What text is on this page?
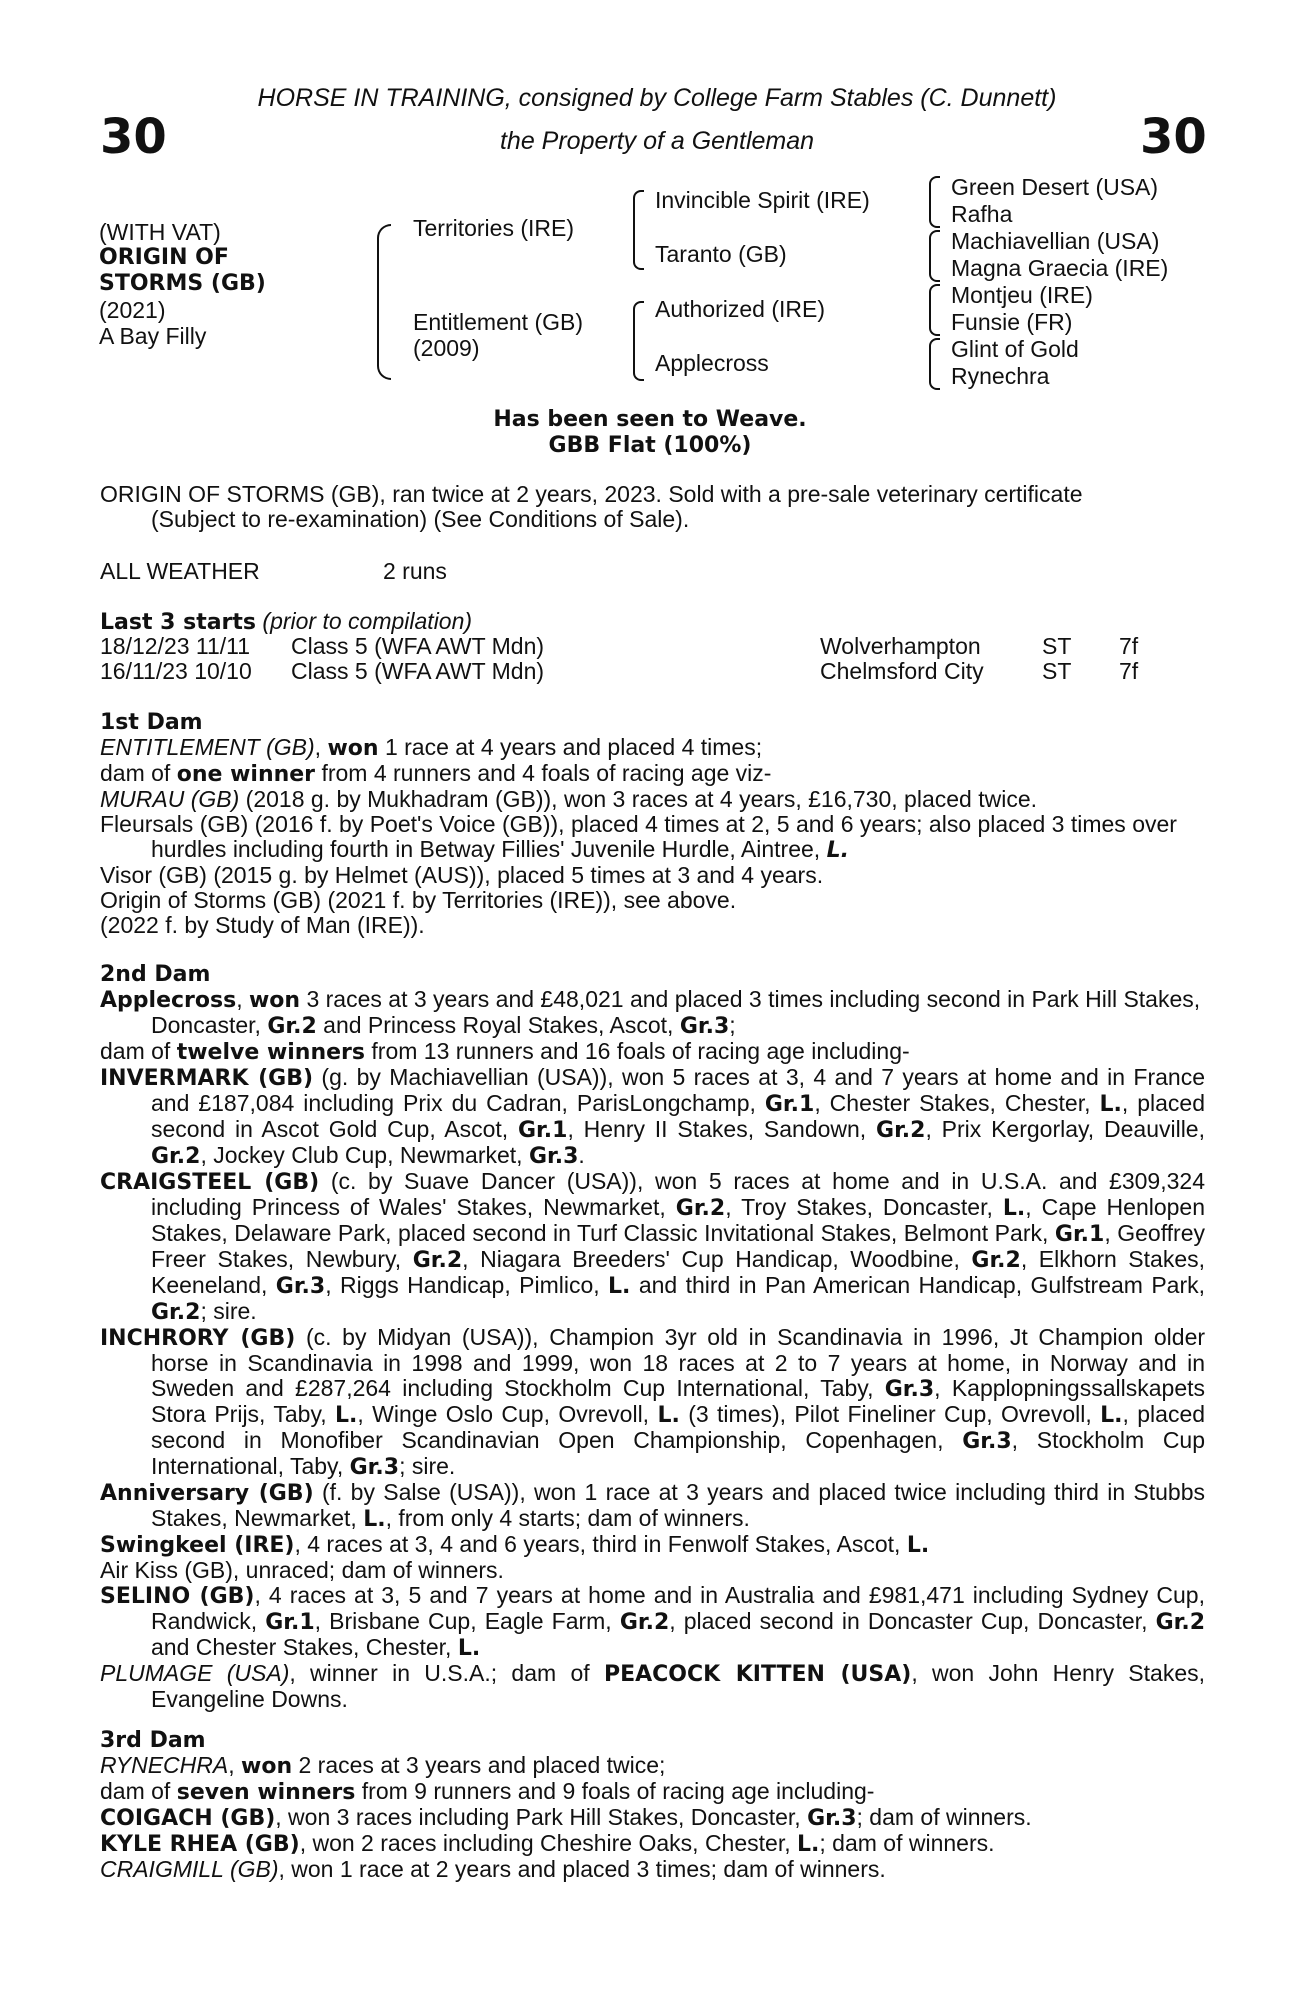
30	30
HORSE IN TRAINING, consigned by College Farm Stables (C. Dunnett)
the Property of a Gentleman
(WITH VAT)
ORIGIN OF
STORMS (GB)
(2021)
A Bay Filly
Territories (IRE)
Entitlement (GB)
(2009)
Invincible Spirit (IRE)
Taranto (GB)
Authorized (IRE)
Applecross
Green Desert (USA)
Rafha
Machiavellian (USA)
Magna Graecia (IRE)
Montjeu (IRE)
Funsie (FR)
Glint of Gold
Rynechra
Has been seen to Weave.
GBB Flat (100%)
ORIGIN OF STORMS (GB), ran twice at 2 years, 2023. Sold with a pre-sale veterinary certificate
(Subject to re-examination) (See Conditions of Sale).
ALL WEATHER	2 runs
Last 3 starts (prior to compilation)
18/12/23 11/11 Class 5 (WFA AWT Mdn)	Wolverhampton	ST 7f
16/11/23 10/10 Class 5 (WFA AWT Mdn)	Chelmsford City	ST 7f

1st Dam

ENTITLEMENT (GB), won 1 race at 4 years and placed 4 times;

dam of one winner from 4 runners and 4 foals of racing age viz-

MURAU (GB) (2018 g. by Mukhadram (GB)), won 3 races at 4 years, £16,730, placed twice.

Fleursals (GB) (2016 f. by Poet's Voice (GB)), placed 4 times at 2, 5 and 6 years; also placed 3 times over hurdles including fourth in Betway Fillies' Juvenile Hurdle, Aintree, L.

Visor (GB) (2015 g. by Helmet (AUS)), placed 5 times at 3 and 4 years.

Origin of Storms (GB) (2021 f. by Territories (IRE)), see above.

(2022 f. by Study of Man (IRE)).

2nd Dam

Applecross, won 3 races at 3 years and £48,021 and placed 3 times including second in Park Hill Stakes, Doncaster, Gr.2 and Princess Royal Stakes, Ascot, Gr.3;

dam of twelve winners from 13 runners and 16 foals of racing age including-

INVERMARK (GB) (g. by Machiavellian (USA)), won 5 races at 3, 4 and 7 years at home and in France and £187,084 including Prix du Cadran, ParisLongchamp, Gr.1, Chester Stakes, Chester, L., placed second in Ascot Gold Cup, Ascot, Gr.1, Henry II Stakes, Sandown, Gr.2, Prix Kergorlay, Deauville, Gr.2, Jockey Club Cup, Newmarket, Gr.3.

CRAIGSTEEL (GB) (c. by Suave Dancer (USA)), won 5 races at home and in U.S.A. and £309,324 including Princess of Wales' Stakes, Newmarket, Gr.2, Troy Stakes, Doncaster, L., Cape Henlopen Stakes, Delaware Park, placed second in Turf Classic Invitational Stakes, Belmont Park, Gr.1, Geoffrey Freer Stakes, Newbury, Gr.2, Niagara Breeders' Cup Handicap, Woodbine, Gr.2, Elkhorn Stakes, Keeneland, Gr.3, Riggs Handicap, Pimlico, L. and third in Pan American Handicap, Gulfstream Park, Gr.2; sire.

INCHRORY (GB) (c. by Midyan (USA)), Champion 3yr old in Scandinavia in 1996, Jt Champion older horse in Scandinavia in 1998 and 1999, won 18 races at 2 to 7 years at home, in Norway and in Sweden and £287,264 including Stockholm Cup International, Taby, Gr.3, Kapplopningssallskapets Stora Prijs, Taby, L., Winge Oslo Cup, Ovrevoll, L. (3 times), Pilot Fineliner Cup, Ovrevoll, L., placed second in Monofiber Scandinavian Open Championship, Copenhagen, Gr.3, Stockholm Cup International, Taby, Gr.3; sire.

Anniversary (GB) (f. by Salse (USA)), won 1 race at 3 years and placed twice including third in Stubbs Stakes, Newmarket, L., from only 4 starts; dam of winners.

Swingkeel (IRE), 4 races at 3, 4 and 6 years, third in Fenwolf Stakes, Ascot, L.

Air Kiss (GB), unraced; dam of winners.

SELINO (GB), 4 races at 3, 5 and 7 years at home and in Australia and £981,471 including Sydney Cup, Randwick, Gr.1, Brisbane Cup, Eagle Farm, Gr.2, placed second in Doncaster Cup, Doncaster, Gr.2 and Chester Stakes, Chester, L.

PLUMAGE (USA), winner in U.S.A.; dam of PEACOCK KITTEN (USA), won John Henry Stakes, Evangeline Downs.

3rd Dam

RYNECHRA, won 2 races at 3 years and placed twice;

dam of seven winners from 9 runners and 9 foals of racing age including-

COIGACH (GB), won 3 races including Park Hill Stakes, Doncaster, Gr.3; dam of winners.

KYLE RHEA (GB), won 2 races including Cheshire Oaks, Chester, L.; dam of winners.

CRAIGMILL (GB), won 1 race at 2 years and placed 3 times; dam of winners.
